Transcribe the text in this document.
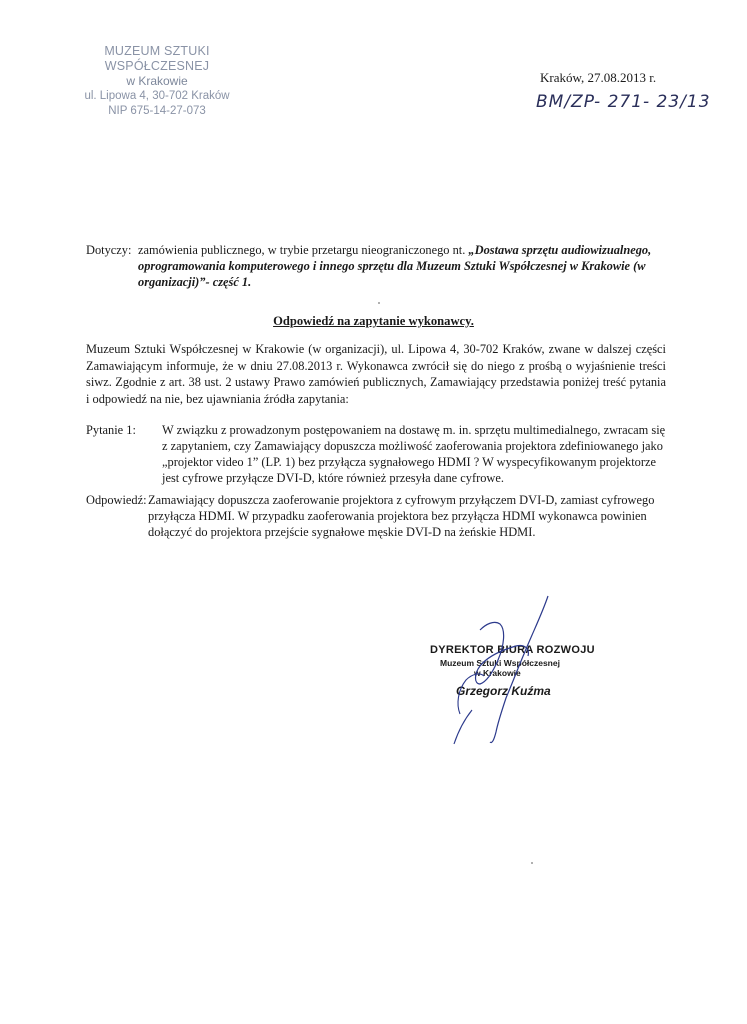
MUZEUM SZTUKI WSPÓŁCZESNEJ
w Krakowie
ul. Lipowa 4, 30-702 Kraków
NIP 675-14-27-073
Kraków, 27.08.2013 r.
BM/ZP- 271- 23/13
Dotyczy: zamówienia publicznego, w trybie przetargu nieograniczonego nt. „Dostawa sprzętu audiowizualnego, oprogramowania komputerowego i innego sprzętu dla Muzeum Sztuki Współczesnej w Krakowie (w organizacji)”- część 1.
Odpowiedź na zapytanie wykonawcy.
Muzeum Sztuki Współczesnej w Krakowie (w organizacji), ul. Lipowa 4, 30-702 Kraków, zwane w dalszej części Zamawiającym informuje, że w dniu 27.08.2013 r. Wykonawca zwrócił się do niego z prośbą o wyjaśnienie treści siwz. Zgodnie z art. 38 ust. 2 ustawy Prawo zamówień publicznych, Zamawiający przedstawia poniżej treść pytania i odpowiedź na nie, bez ujawniania źródła zapytania:
Pytanie 1: W związku z prowadzonym postępowaniem na dostawę m. in. sprzętu multimedialnego, zwracam się z zapytaniem, czy Zamawiający dopuszcza możliwość zaoferowania projektora zdefiniowanego jako „projektor video 1” (LP. 1) bez przyłącza sygnałowego HDMI ? W wyspecyfikowanym projektorze jest cyfrowe przyłącze DVI-D, które również przesyła dane cyfrowe.
Odpowiedź: Zamawiający dopuszcza zaoferowanie projektora z cyfrowym przyłączem DVI-D, zamiast cyfrowego przyłącza HDMI. W przypadku zaoferowania projektora bez przyłącza HDMI wykonawca powinien dołączyć do projektora przejście sygnałowe męskie DVI-D na żeńskie HDMI.
DYREKTOR BIURA ROZWOJU
Muzeum Sztuki Współczesnej
w Krakowie
Grzegorz Kuźma
